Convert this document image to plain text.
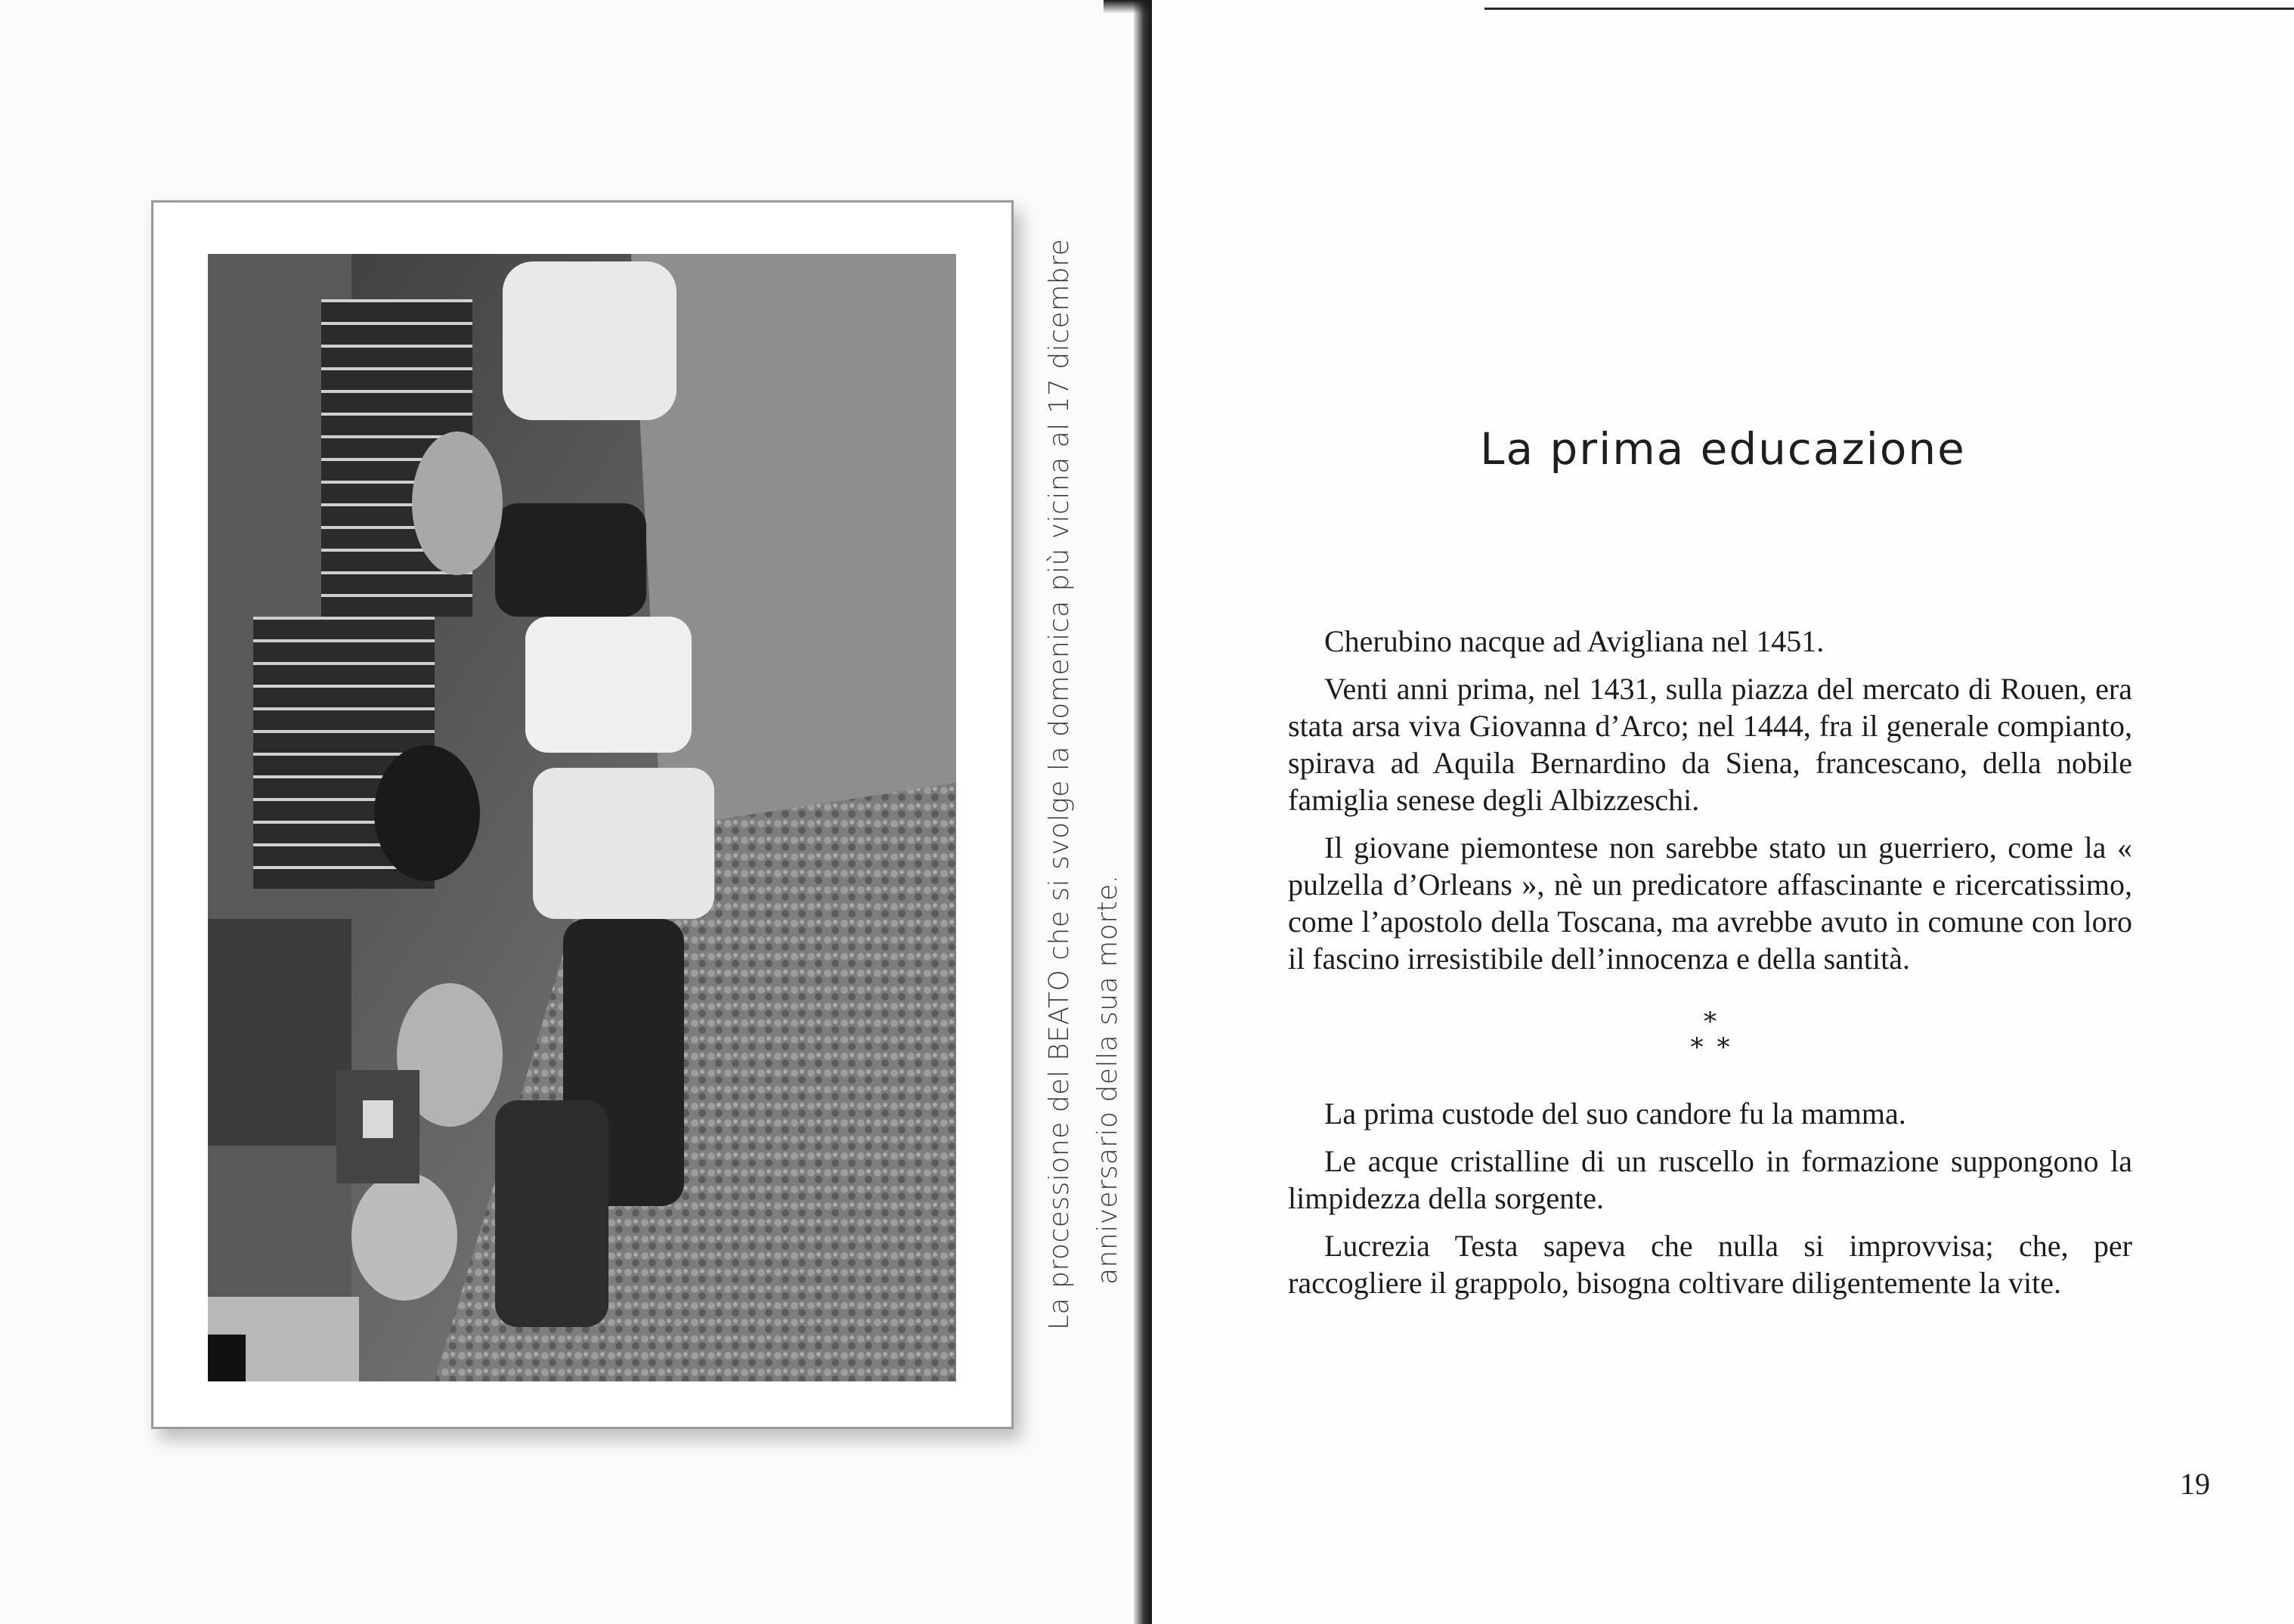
La processione del BEATO che si svolge la domenica più vicina al 17 dicembre anniversario della sua morte.
La prima educazione

Cherubino nacque ad Avigliana nel 1451.

Venti anni prima, nel 1431, sulla piazza del mercato di Rouen, era stata arsa viva Giovanna d’Arco; nel 1444, fra il generale compianto, spirava ad Aquila Bernardino da Siena, francescano, della nobile famiglia senese degli Albizzeschi.

Il giovane piemontese non sarebbe stato un guerriero, come la « pulzella d’Orleans », nè un predicatore affascinante e ricercatissimo, come l’apostolo della Toscana, ma avrebbe avuto in comune con loro il fascino irresistibile dell’innocenza e della santità.

*
**

La prima custode del suo candore fu la mamma.

Le acque cristalline di un ruscello in formazione suppongono la limpidezza della sorgente.

Lucrezia Testa sapeva che nulla si improvvisa; che, per raccogliere il grappolo, bisogna coltivare diligentemente la vite.

19
